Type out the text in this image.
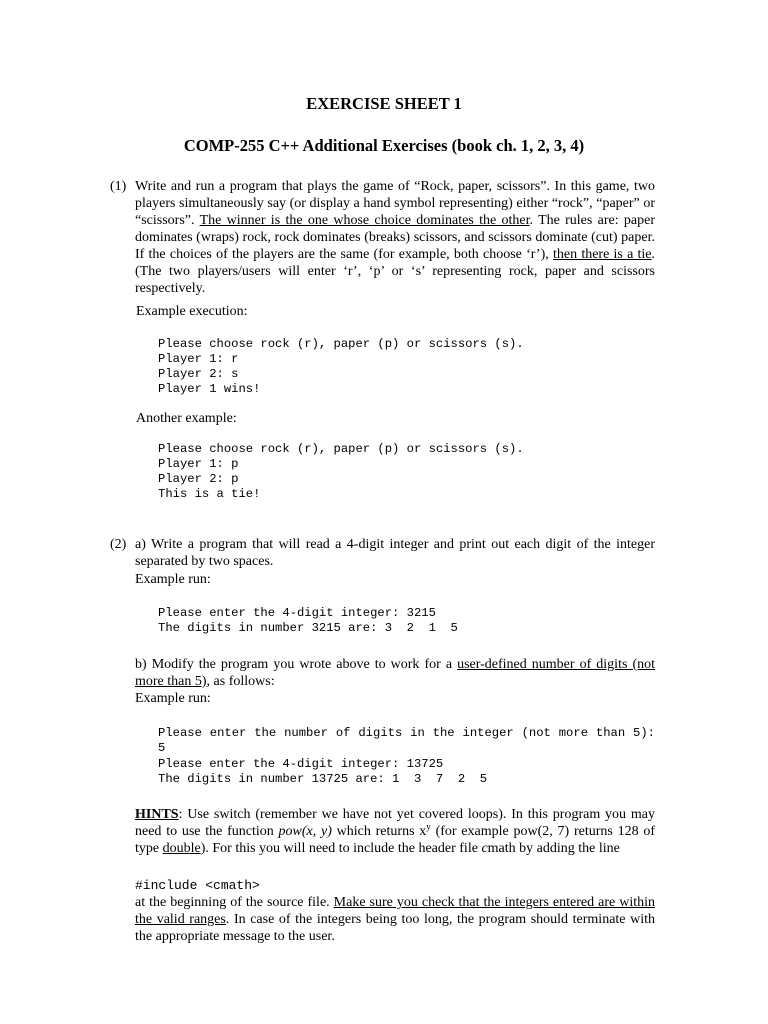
EXERCISE SHEET 1
COMP-255 C++ Additional Exercises (book ch. 1, 2, 3, 4)
(1) Write and run a program that plays the game of “Rock, paper, scissors”. In this game, two players simultaneously say (or display a hand symbol representing) either “rock”, “paper” or “scissors”. The winner is the one whose choice dominates the other. The rules are: paper dominates (wraps) rock, rock dominates (breaks) scissors, and scissors dominate (cut) paper. If the choices of the players are the same (for example, both choose ‘r’), then there is a tie. (The two players/users will enter ‘r’, ‘p’ or ‘s’ representing rock, paper and scissors respectively.
Example execution:
Please choose rock (r), paper (p) or scissors (s).
Player 1: r
Player 2: s
Player 1 wins!
Another example:
Please choose rock (r), paper (p) or scissors (s).
Player 1: p
Player 2: p
This is a tie!
(2) a) Write a program that will read a 4-digit integer and print out each digit of the integer separated by two spaces.
Example run:
Please enter the 4-digit integer: 3215
The digits in number 3215 are: 3  2  1  5
b) Modify the program you wrote above to work for a user-defined number of digits (not more than 5), as follows:
Example run:
Please enter the number of digits in the integer (not more than 5): 5
Please enter the 4-digit integer: 13725
The digits in number 13725 are: 1  3  7  2  5
HINTS: Use switch (remember we have not yet covered loops). In this program you may need to use the function pow(x, y) which returns $x^y$ (for example pow(2, 7) returns 128 of type double). For this you will need to include the header file cmath by adding the line
#include <cmath>
at the beginning of the source file. Make sure you check that the integers entered are within the valid ranges. In case of the integers being too long, the program should terminate with the appropriate message to the user.
